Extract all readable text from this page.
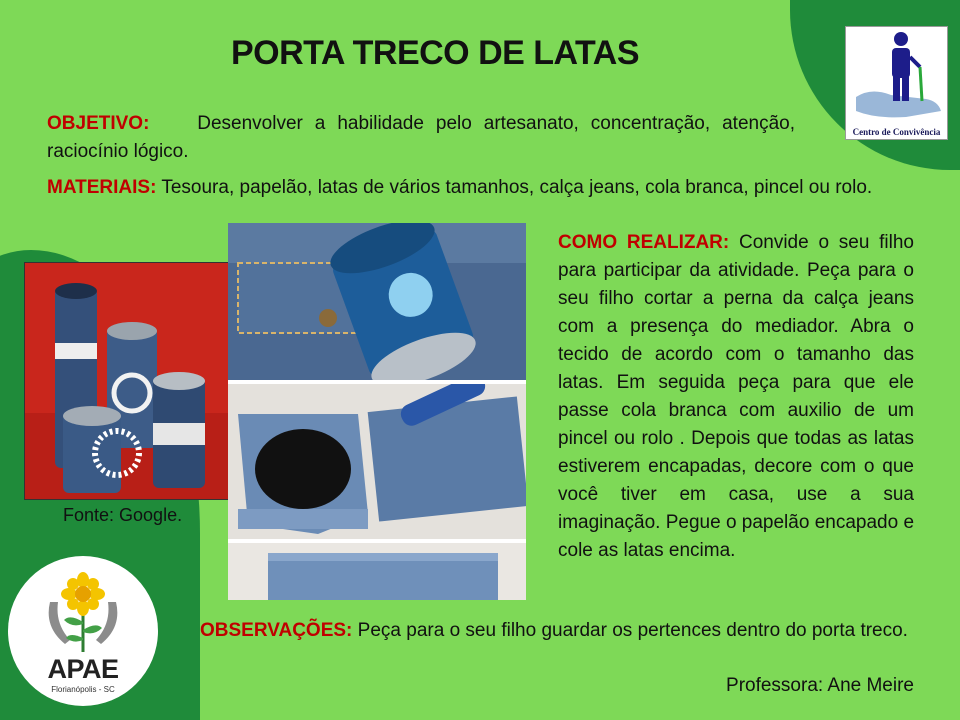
PORTA TRECO DE LATAS

OBJETIVO:	Desenvolver a habilidade pelo artesanato, concentração, atenção, raciocínio lógico.

MATERIAIS: Tesoura, papelão, latas de vários tamanhos, calça jeans, cola branca, pincel ou rolo.

COMO REALIZAR: Convide o seu filho para participar da atividade. Peça para o seu filho cortar a perna da calça jeans com a presença do mediador. Abra o tecido de acordo com o tamanho das latas. Em seguida peça para que ele passe cola branca com auxilio de um pincel ou rolo . Depois que todas as latas estiverem encapadas, decore com o que você tiver em casa, use a sua imaginação. Pegue o papelão encapado e cole as latas encima.

OBSERVAÇÕES: Peça para o seu filho guardar os pertences dentro do porta treco.

Fonte: Google.
Professora: Ane Meire
Centro de Convivência
APAE
Florianópolis - SC
